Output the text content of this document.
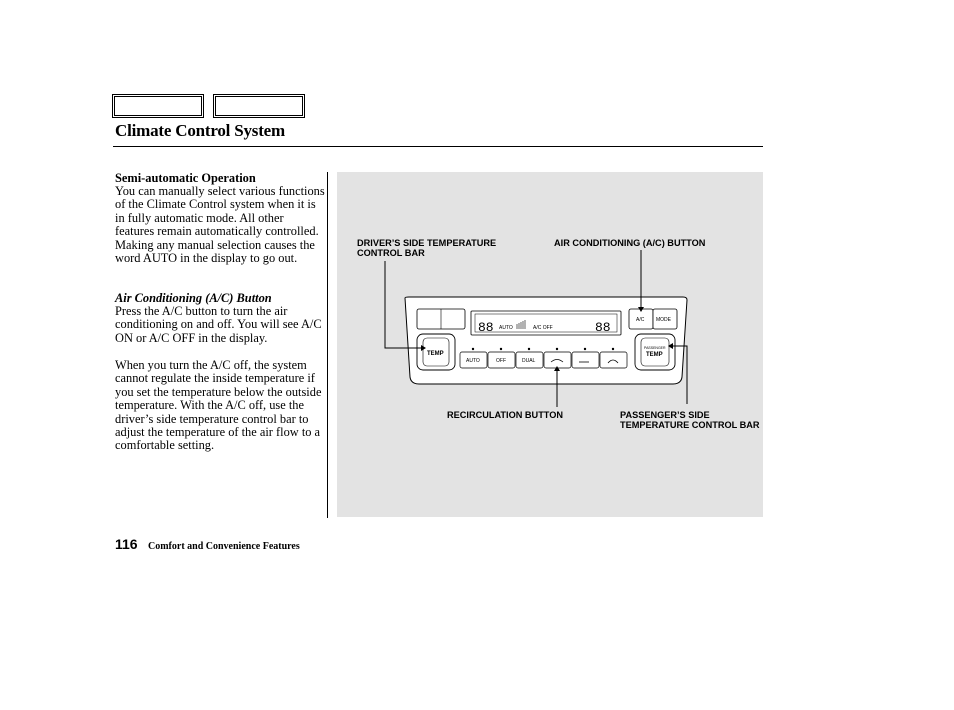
Climate Control System
Semi-automatic Operation
You can manually select various functions of the Climate Control system when it is in fully automatic mode. All other features remain automatically controlled. Making any manual selection causes the word AUTO in the display to go out.
Air Conditioning (A/C) Button
Press the A/C button to turn the air conditioning on and off. You will see A/C ON or A/C OFF in the display.
When you turn the A/C off, the system cannot regulate the inside temperature if you set the temperature below the outside temperature. With the A/C off, use the driver’s side temperature control bar to adjust the temperature of the air flow to a comfortable setting.
88	88
AUTO	A/C OFF
A/C MODE
TEMP
PASSENGER
TEMP
AUTO	OFF	DUAL
DRIVER’S SIDE TEMPERATURE CONTROL BAR
AIR CONDITIONING (A/C) BUTTON
RECIRCULATION BUTTON	PASSENGER’S SIDE TEMPERATURE CONTROL BAR
116 Comfort and Convenience Features
